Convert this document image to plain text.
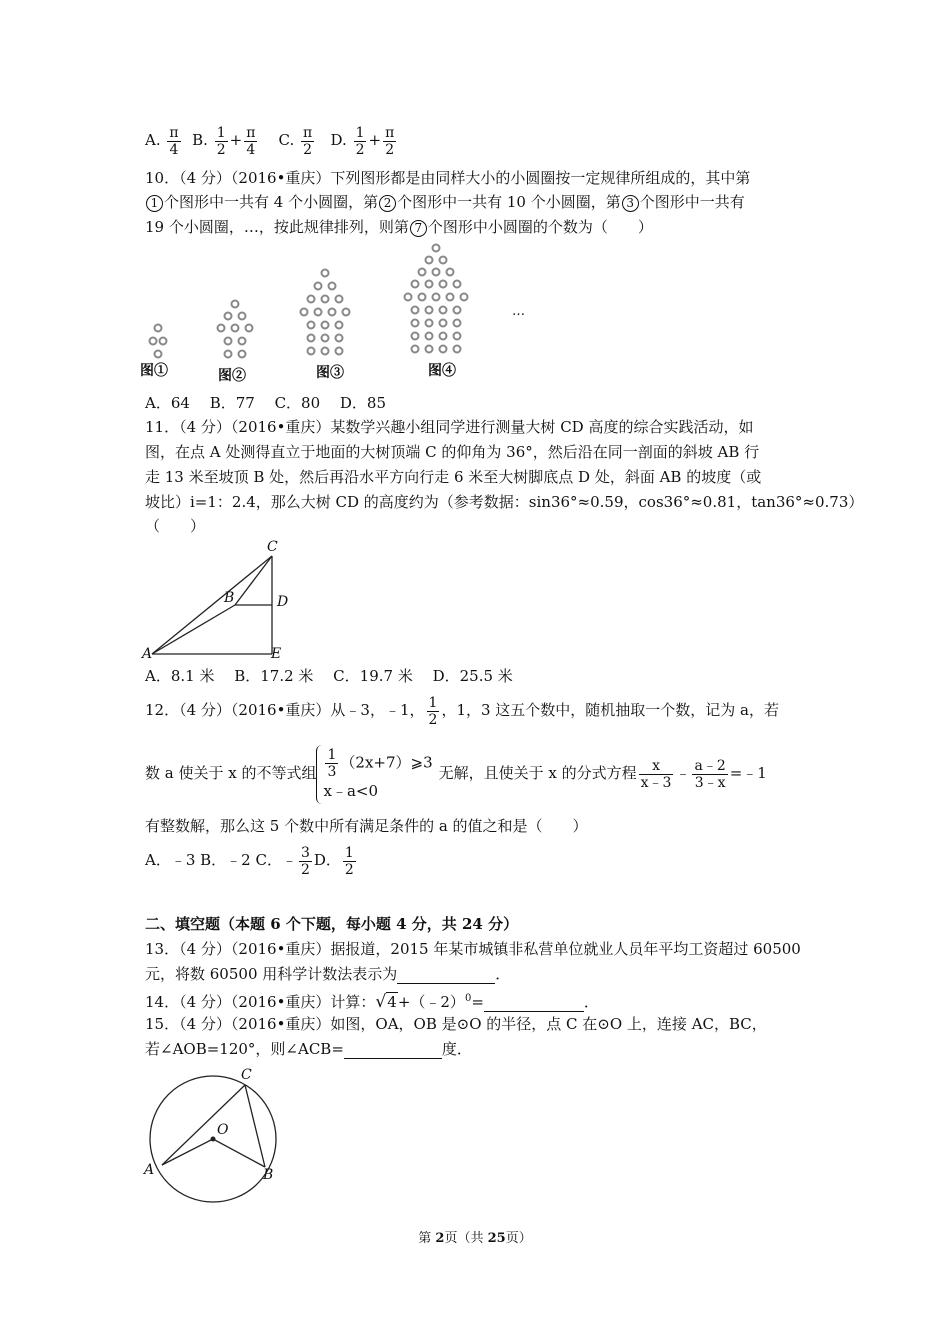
A. $\frac{\pi}{4} B$. $\frac{1}{2} + \frac{\pi}{4} C$. $\frac{\pi}{2} D$. $\frac{1}{2} + \frac{\pi}{2}$
10．（4 分）（2016•重庆）下列图形都是由同样大小的小圆圈按一定规律所组成的，其中第
1 个图形中一共有 4 个小圆圈，第 2 个图形中一共有 10 个小圆圈，第 3 个图形中一共有
19 个小圆圈，…，按此规律排列，则第 7 个图形中小圆圈的个数为（　　）
图①	图②	图③	图④
…
A．64　 B．77　 C．80　 D．85
11．（4 分）（2016•重庆）某数学兴趣小组同学进行测量大树 CD 高度的综合实践活动，如
图，在点 A 处测得直立于地面的大树顶端 C 的仰角为 36°，然后沿在同一剖面的斜坡 AB 行
走 13 米至坡顶 B 处，然后再沿水平方向行走 6 米至大树脚底点 D 处，斜面 AB 的坡度（或
坡比）i=1：2.4，那么大树 CD 的高度约为（参考数据：sin36°≈0.59，cos36°≈0.81，tan36°≈0.73）
（　　）
C
B	D
A	E
A．8.1 米　 B．17.2 米　 C．19.7 米　 D．25.5 米
12．（4 分）（2016•重庆）从﹣3，﹣1， $\frac{1}{2}$ ，1，3 这五个数中，随机抽取一个数，记为 a，若
数 a 使关于 x 的不等式组 $\frac{1}{3}$ （2x+7）⩾3
x﹣a<0
无解，且使关于 x 的分式方程 $\frac{x}{x﹣3}$ ﹣ $\frac{a﹣2}{3﹣x}$ =﹣1
有整数解，那么这 5 个数中所有满足条件的 a 的值之和是（　　）
A．﹣3 B．﹣2 C．﹣ $\frac{3}{2}$ D． $\frac{1}{2}$
二、填空题（本题 6 个下题，每小题 4 分，共 24 分）
13．（4 分）（2016•重庆）据报道，2015 年某市城镇非私营单位就业人员年平均工资超过 60500
元，将数 60500 用科学计数法表示为	．
14．（4 分）（2016•重庆）计算：√4+（﹣2）$^0$=	．
15．（4 分）（2016•重庆）如图，OA，OB 是⊙O 的半径，点 C 在⊙O 上，连接 AC，BC，
若∠AOB=120°，则∠ACB=	度．
C
O
A	B
第 2页（共 25页）
